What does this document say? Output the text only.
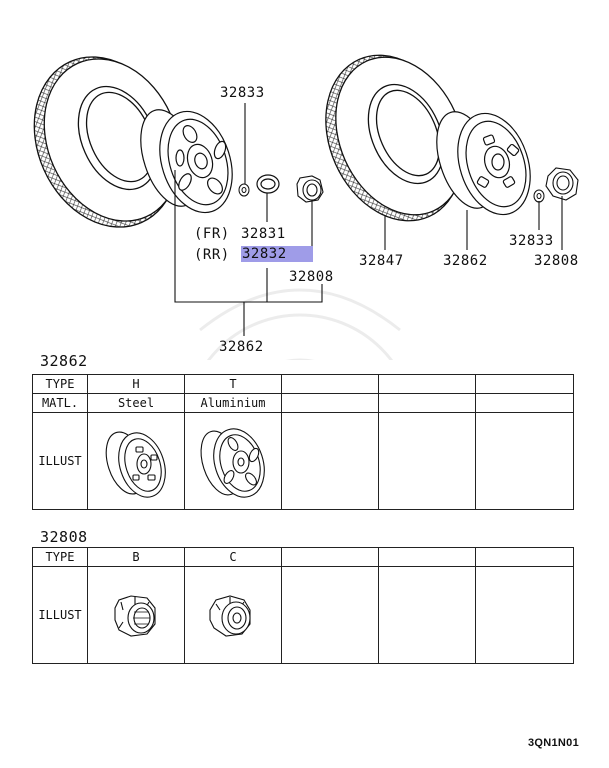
32833
(FR) 32831
(RR) 32832
32808
32862
32847	32862
32833
32808
32862
TYPE	H	T			
MATL.	Steel	Aluminium			
ILLUST	

32808
TYPE	B	C			
ILLUST	

3QN1N01
